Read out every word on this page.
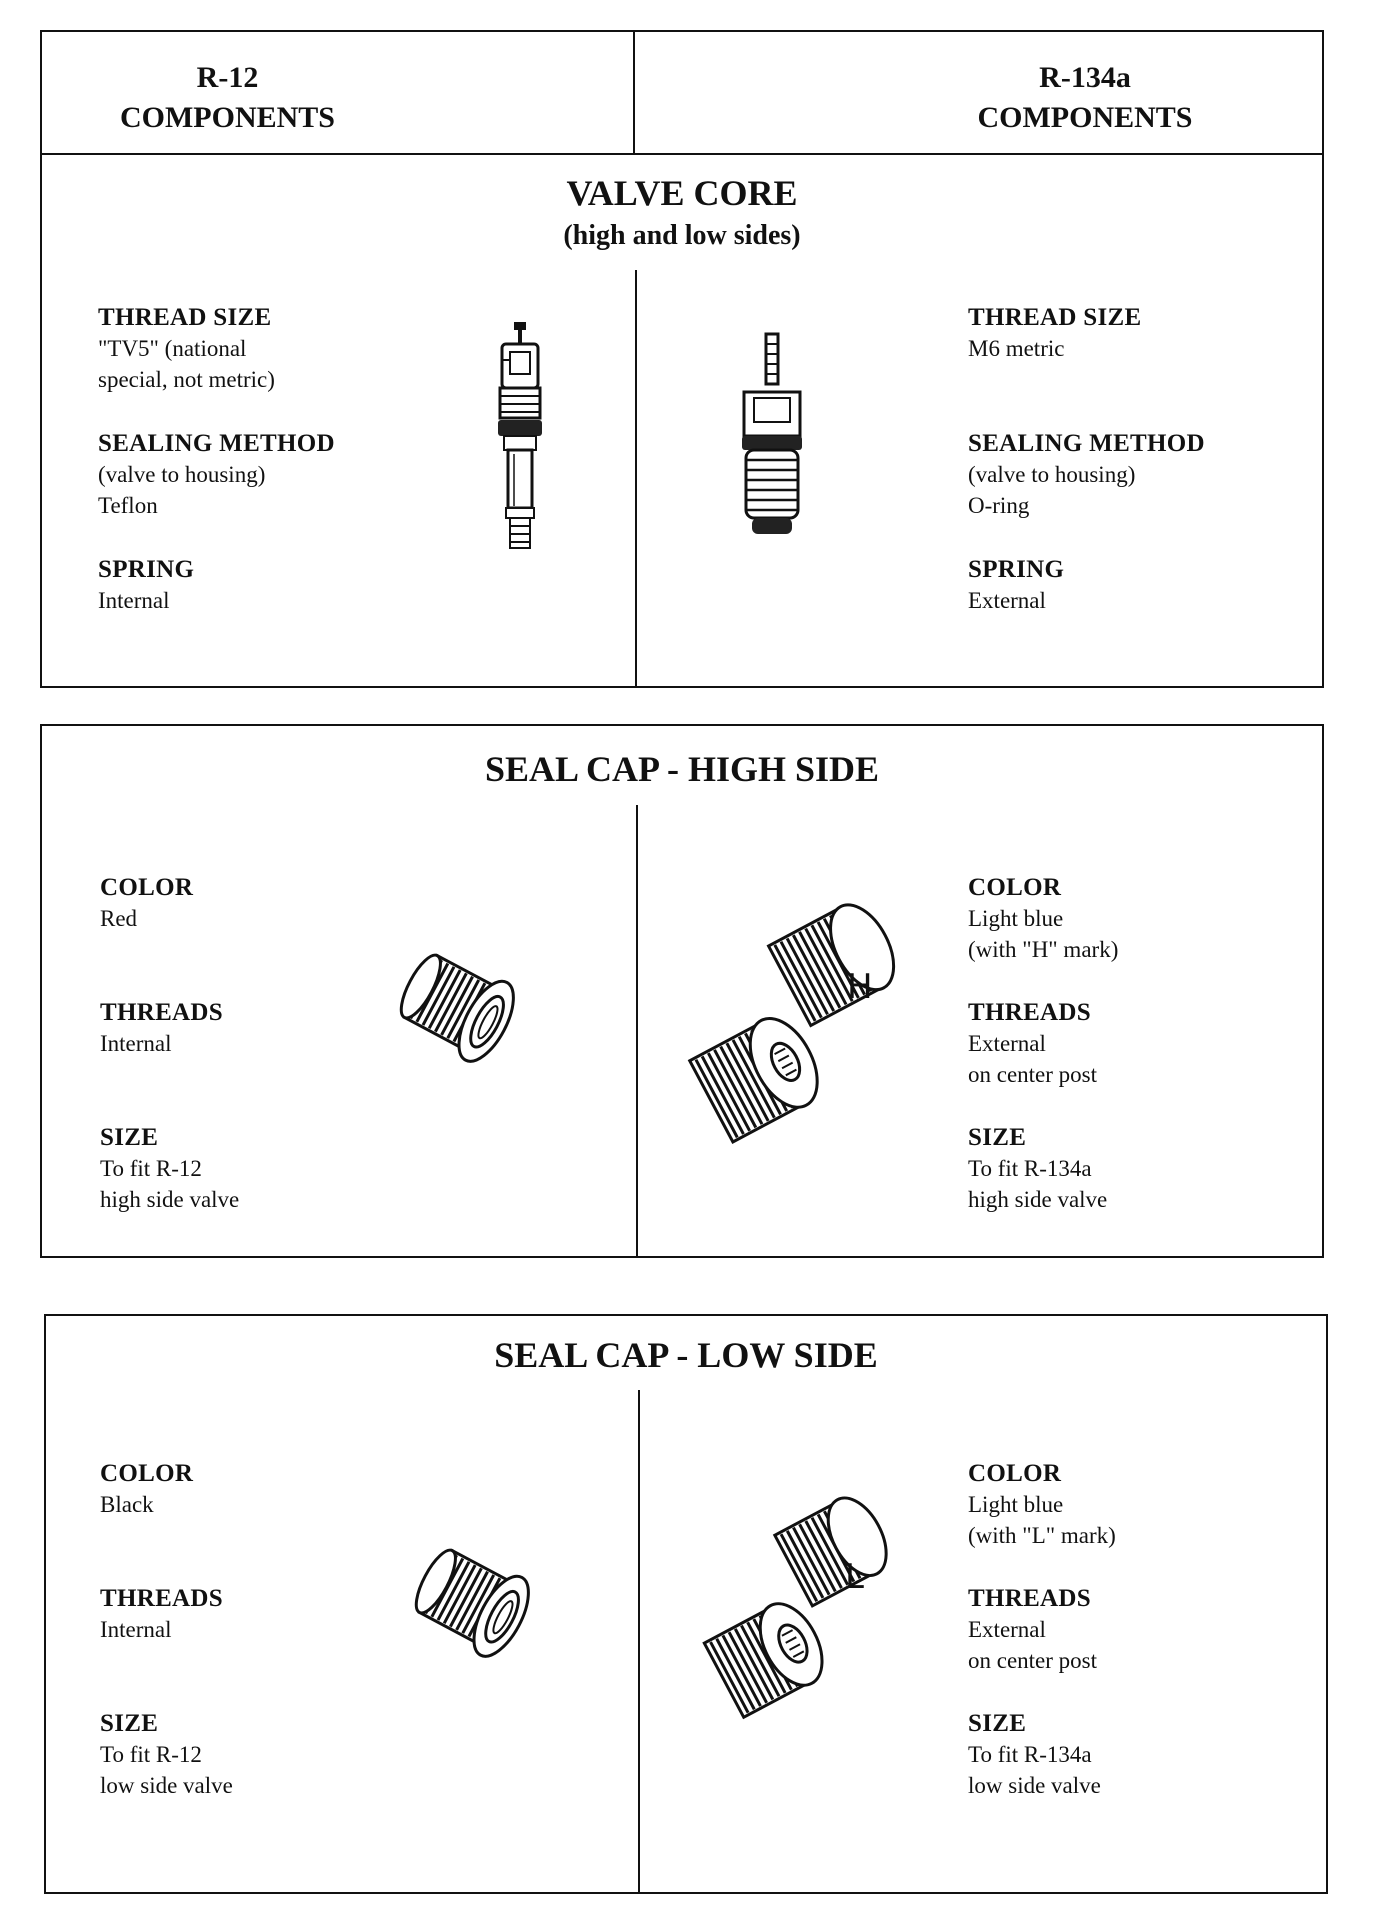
R-12
COMPONENTS
R-134a
COMPONENTS
VALVE CORE
(high and low sides)
THREAD SIZE
"TV5" (national
special, not metric)
SEALING METHOD
(valve to housing)
Teflon
SPRING
Internal
THREAD SIZE
M6 metric
SEALING METHOD
(valve to housing)
O-ring
SPRING
External
SEAL CAP - HIGH SIDE
COLOR
Red
THREADS
Internal
SIZE
To fit R-12
high side valve
COLOR
Light blue
(with "H" mark)
THREADS
External
on center post
SIZE
To fit R-134a
high side valve
H
SEAL CAP - LOW SIDE
COLOR
Black
THREADS
Internal
SIZE
To fit R-12
low side valve
COLOR
Light blue
(with "L" mark)
THREADS
External
on center post
SIZE
To fit R-134a
low side valve
L
